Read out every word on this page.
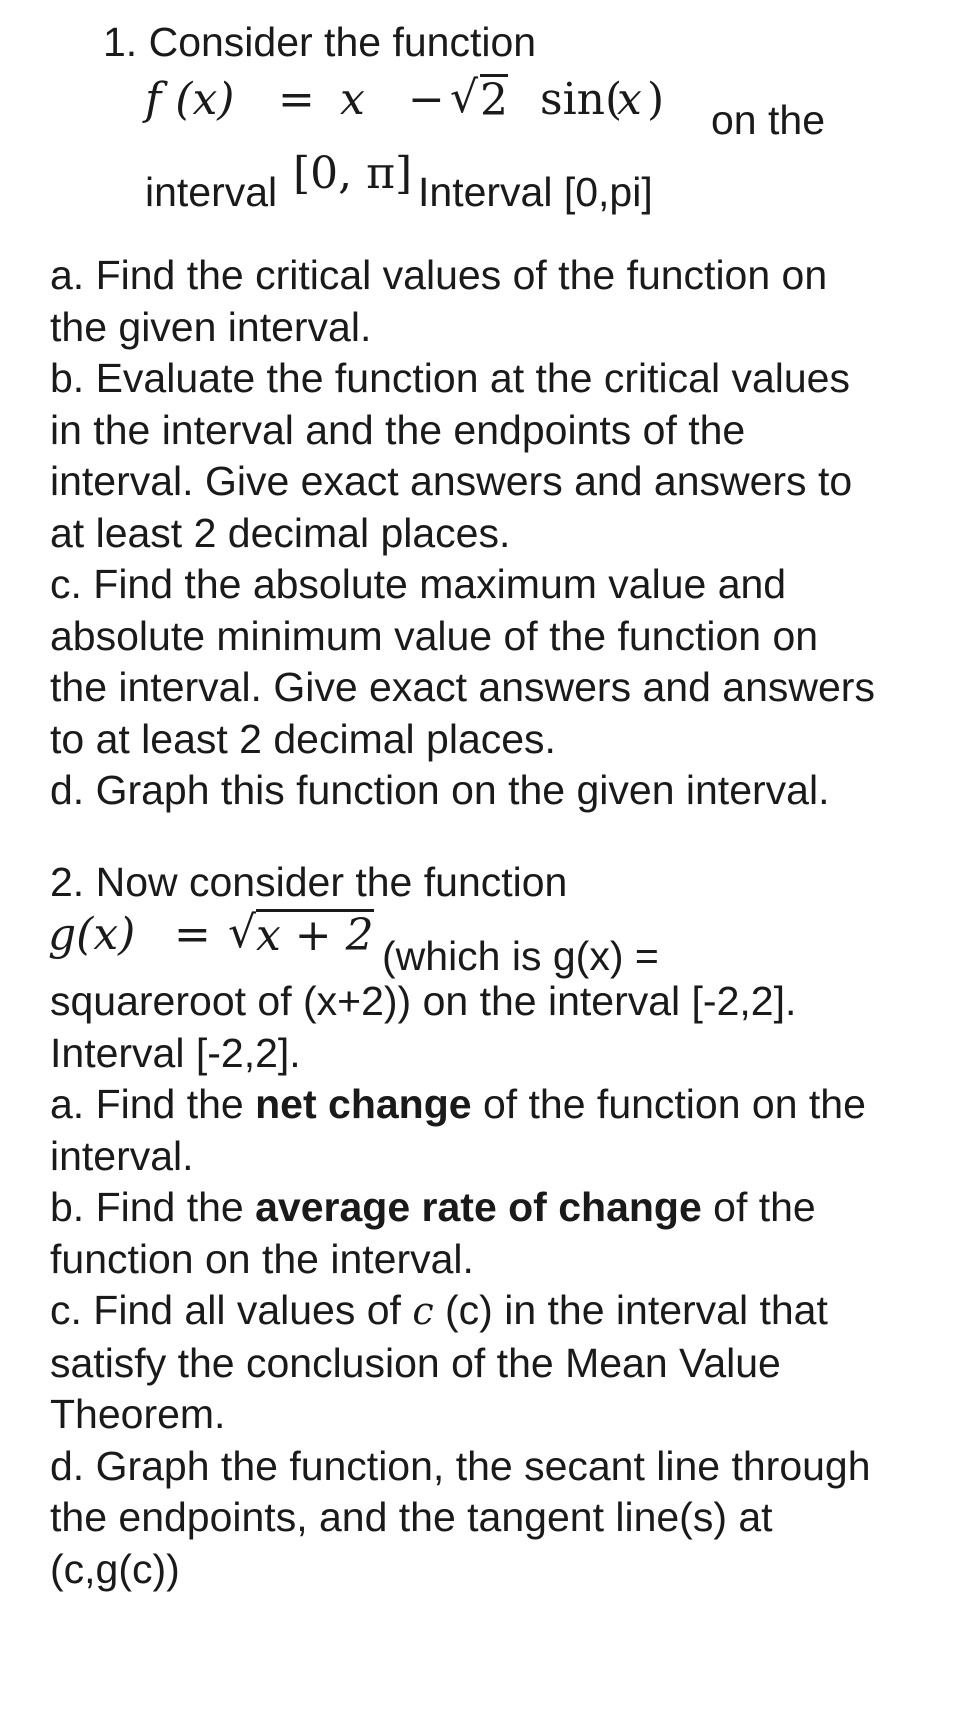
1. Consider the function
f (x) = x − √ 2 sin(
x ) on the
interval [0, π] Interval [0,pi]
a. Find the critical values of the function on
the given interval.
b. Evaluate the function at the critical values
in the interval and the endpoints of the
interval. Give exact answers and answers to
at least 2 decimal places.
c. Find the absolute maximum value and
absolute minimum value of the function on
the interval. Give exact answers and answers
to at least 2 decimal places.
d. Graph this function on the given interval.
2. Now consider the function
g(x) = √ x + 2 (which is g(x) =
squareroot of (x+2)) on the interval [-2,2].
Interval [-2,2].
a. Find the net change of the function on the
interval.
b. Find the average rate of change of the
function on the interval.
c. Find all values of c (c) in the interval that
satisfy the conclusion of the Mean Value
Theorem.
d. Graph the function, the secant line through
the endpoints, and the tangent line(s) at
(c,g(c))
